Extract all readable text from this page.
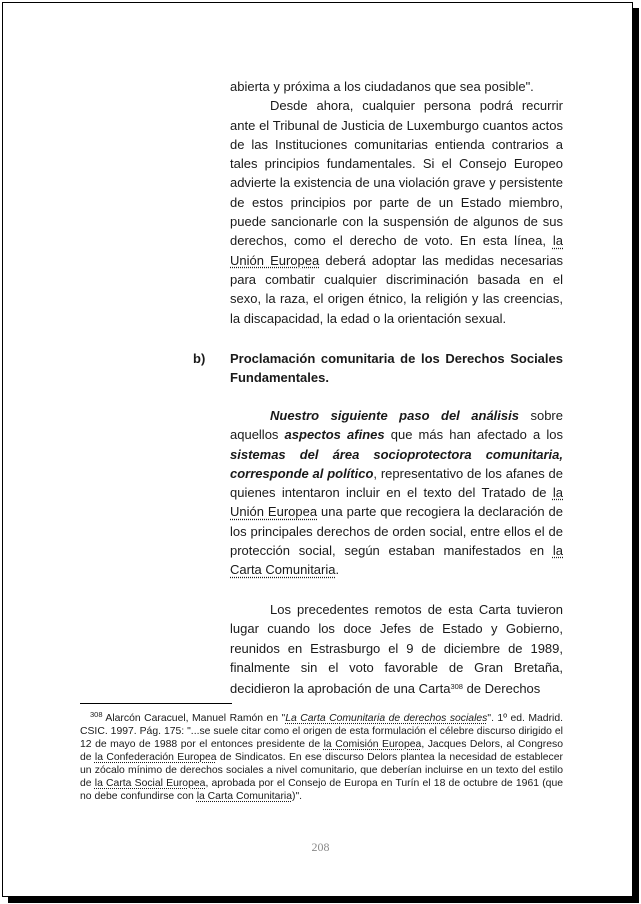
abierta y próxima a los ciudadanos que sea posible".

Desde ahora, cualquier persona podrá recurrir ante el Tribunal de Justicia de Luxemburgo cuantos actos de las Instituciones comunitarias entienda contrarios a tales principios fundamentales. Si el Consejo Europeo advierte la existencia de una violación grave y persistente de estos principios por parte de un Estado miembro, puede sancionarle con la suspensión de algunos de sus derechos, como el derecho de voto. En esta línea, la Unión Europea deberá adoptar las medidas necesarias para combatir cualquier discriminación basada en el sexo, la raza, el origen étnico, la religión y las creencias, la discapacidad, la edad o la orientación sexual.

b) Proclamación comunitaria de los Derechos Sociales Fundamentales.

Nuestro siguiente paso del análisis sobre aquellos aspectos afines que más han afectado a los sistemas del área socioprotectora comunitaria, corresponde al político, representativo de los afanes de quienes intentaron incluir en el texto del Tratado de la Unión Europea una parte que recogiera la declaración de los principales derechos de orden social, entre ellos el de protección social, según estaban manifestados en la Carta Comunitaria.

Los precedentes remotos de esta Carta tuvieron lugar cuando los doce Jefes de Estado y Gobierno, reunidos en Estrasburgo el 9 de diciembre de 1989, finalmente sin el voto favorable de Gran Bretaña, decidieron la aprobación de una Carta$^{308}$ de Derechos

$^{308}$ Alarcón Caracuel, Manuel Ramón en "La Carta Comunitaria de derechos sociales". 1º ed. Madrid. CSIC. 1997. Pág. 175: "...se suele citar como el origen de esta formulación el célebre discurso dirigido el 12 de mayo de 1988 por el entonces presidente de la Comisión Europea, Jacques Delors, al Congreso de la Confederación Europea de Sindicatos. En ese discurso Delors plantea la necesidad de establecer un zócalo mínimo de derechos sociales a nivel comunitario, que deberían incluirse en un texto del estilo de la Carta Social Europea, aprobada por el Consejo de Europa en Turín el 18 de octubre de 1961 (que no debe confundirse con la Carta Comunitaria)".

208
